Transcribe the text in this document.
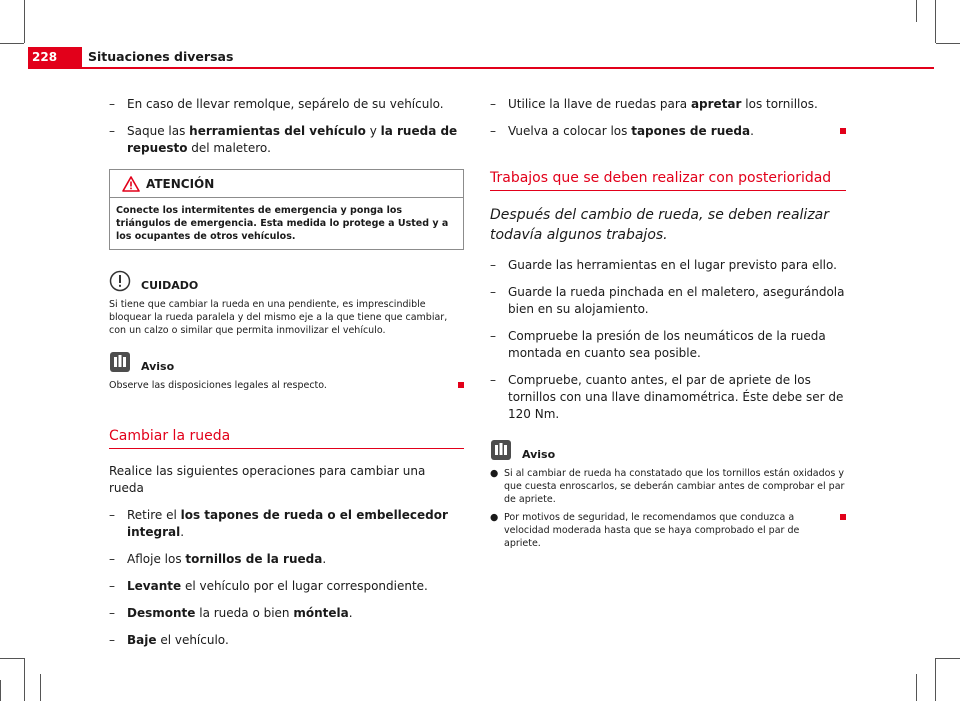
228	Situaciones diversas
– En caso de llevar remolque, sepárelo de su vehículo.
– Saque las herramientas del vehículo y la rueda de repuesto del maletero.
ATENCIÓN
Conecte los intermitentes de emergencia y ponga los triángulos de emergencia. Esta medida lo protege a Usted y a los ocupantes de otros vehículos.
CUIDADO
Si tiene que cambiar la rueda en una pendiente, es imprescindible bloquear la rueda paralela y del mismo eje a la que tiene que cambiar, con un calzo o similar que permita inmovilizar el vehículo.
Aviso
Observe las disposiciones legales al respecto.
Cambiar la rueda
Realice las siguientes operaciones para cambiar una rueda
– Retire el los tapones de rueda o el embellecedor integral.
– Afloje los tornillos de la rueda.
– Levante el vehículo por el lugar correspondiente.
– Desmonte la rueda o bien móntela.
– Baje el vehículo.
– Utilice la llave de ruedas para apretar los tornillos.
– Vuelva a colocar los tapones de rueda.
Trabajos que se deben realizar con posterioridad
Después del cambio de rueda, se deben realizar todavía algunos trabajos.
– Guarde las herramientas en el lugar previsto para ello.
– Guarde la rueda pinchada en el maletero, asegurándola bien en su alojamiento.
– Compruebe la presión de los neumáticos de la rueda montada en cuanto sea posible.
– Compruebe, cuanto antes, el par de apriete de los tornillos con una llave dinamométrica. Éste debe ser de 120 Nm.
Aviso
● Si al cambiar de rueda ha constatado que los tornillos están oxidados y que cuesta enroscarlos, se deberán cambiar antes de comprobar el par de apriete.
● Por motivos de seguridad, le recomendamos que conduzca a velocidad moderada hasta que se haya comprobado el par de apriete.
